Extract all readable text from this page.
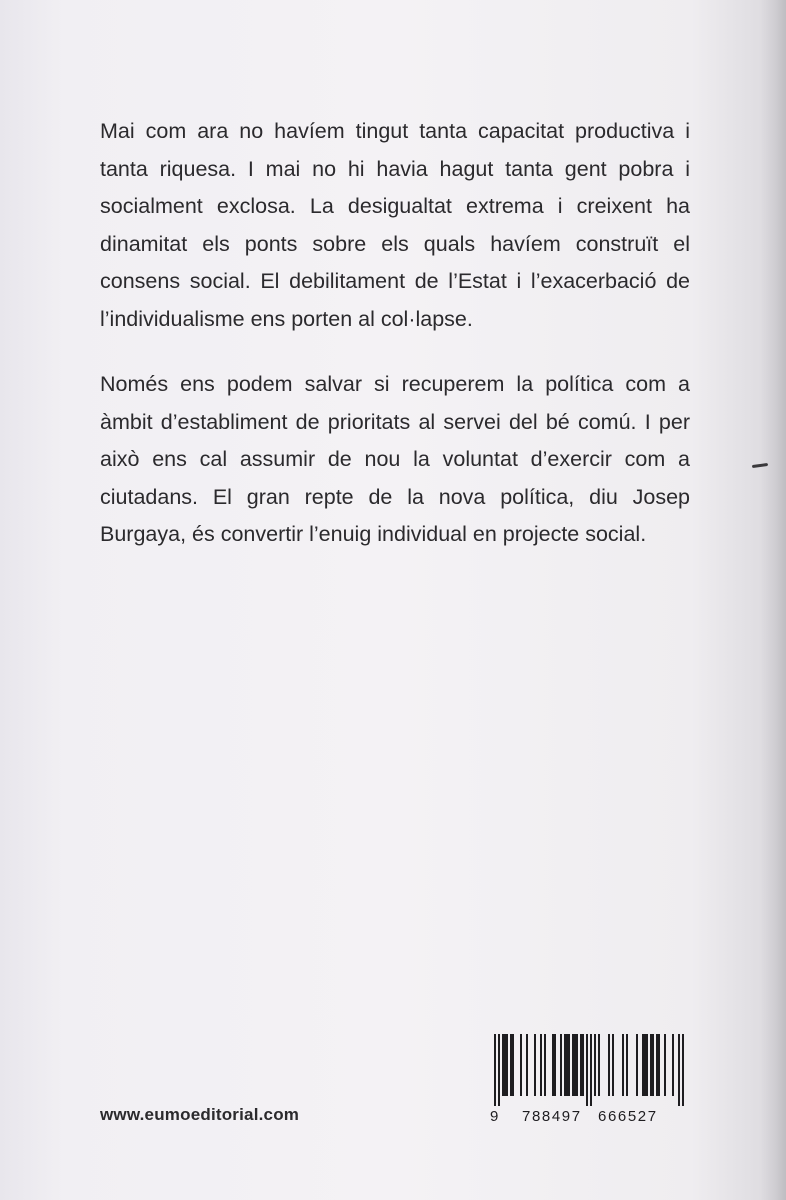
Mai com ara no havíem tingut tanta capacitat productiva i tanta riquesa. I mai no hi havia hagut tanta gent pobra i socialment exclosa. La desigualtat extrema i creixent ha dinamitat els ponts sobre els quals havíem construït el consens social. El debilitament de l’Estat i l’exacerbació de l’individualisme ens porten al col·lapse.

Només ens podem salvar si recuperem la política com a àmbit d’establiment de prioritats al servei del bé comú. I per això ens cal assumir de nou la voluntat d’exercir com a ciutadans. El gran repte de la nova política, diu Josep Burgaya, és convertir l’enuig individual en projecte social.

www.eumoeditorial.com	9 788497 666527
